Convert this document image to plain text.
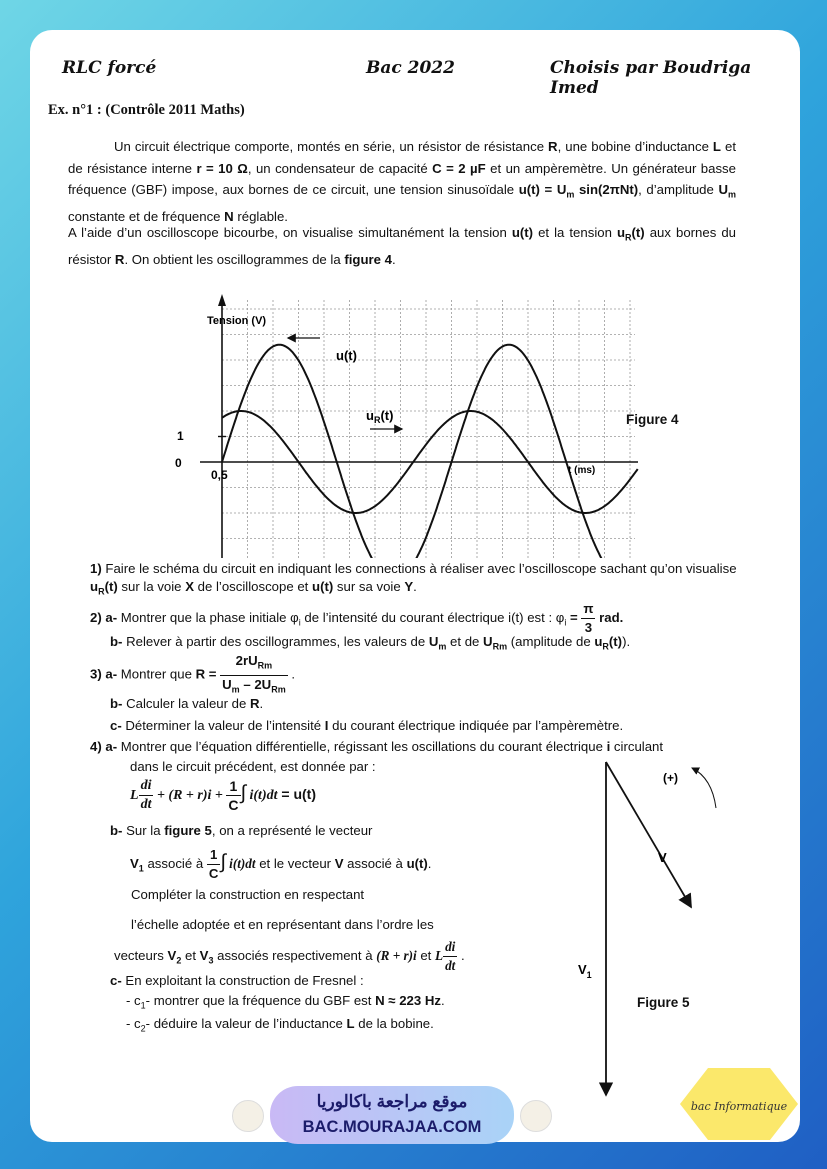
RLC forcé	Bac 2022	Choisis par Boudriga Imed
Ex. n°1 : (Contrôle 2011 Maths)
Un circuit électrique comporte, montés en série, un résistor de résistance R, une bobine d’inductance L et de résistance interne r = 10 Ω, un condensateur de capacité C = 2 µF et un ampèremètre. Un générateur basse fréquence (GBF) impose, aux bornes de ce circuit, une tension sinusoïdale $u(t) = U_m$ sin(2πNt), d’amplitude $U_m$ constante et de fréquence N réglable.
A l’aide d’un oscilloscope bicourbe, on visualise simultanément la tension u(t) et la tension $u_R(t)$ aux bornes du résistor R. On obtient les oscillogrammes de la figure 4.
Tension (V)
t (ms)
1
0
0,5
u(t)
$u_R(t)$	Figure 4
1) Faire le schéma du circuit en indiquant les connections à réaliser avec l’oscilloscope sachant qu’on visualise $u_R(t)$ sur la voie X de l’oscilloscope et u(t) sur sa voie Y.
2) a- Montrer que la phase initiale $\varphi_i$ de l’intensité du courant électrique i(t) est : $\varphi_i = \frac{\pi}{3}$ rad.
b- Relever à partir des oscillogrammes, les valeurs de $U_m$ et de $U_{Rm}$ (amplitude de $u_R(t)$).
3) a- Montrer que $R = \frac{2rU_{Rm}}{U_m - 2U_{Rm}}$ .
b- Calculer la valeur de R.
c- Déterminer la valeur de l’intensité I du courant électrique indiquée par l’ampèremètre.
4) a- Montrer que l’équation différentielle, régissant les oscillations du courant électrique i circulant
dans le circuit précédent, est donnée par :
L $\frac{di}{dt} + (R + r)i + \frac{1}{C}$ ∫ i(t)dt = u(t)
b- Sur la figure 5, on a représenté le vecteur
$V_1$ associé à $\frac{1}{C}$ ∫ i(t)dt et le vecteur V associé à u(t).
Compléter la construction en respectant
l’échelle adoptée et en représentant dans l’ordre les
vecteurs $V_2$ et $V_3$ associés respectivement à (R + r)i et L $\frac{di}{dt}$ .
c- En exploitant la construction de Fresnel :
- $c_1-$ montrer que la fréquence du GBF est N ≈ 223 Hz.
- $c_2-$ déduire la valeur de l’inductance L de la bobine.
(+)
V
$V_1$
Figure 5
موقع مراجعة باكالوريا
BAC.MOURAJAA.COM
bac Informatique
